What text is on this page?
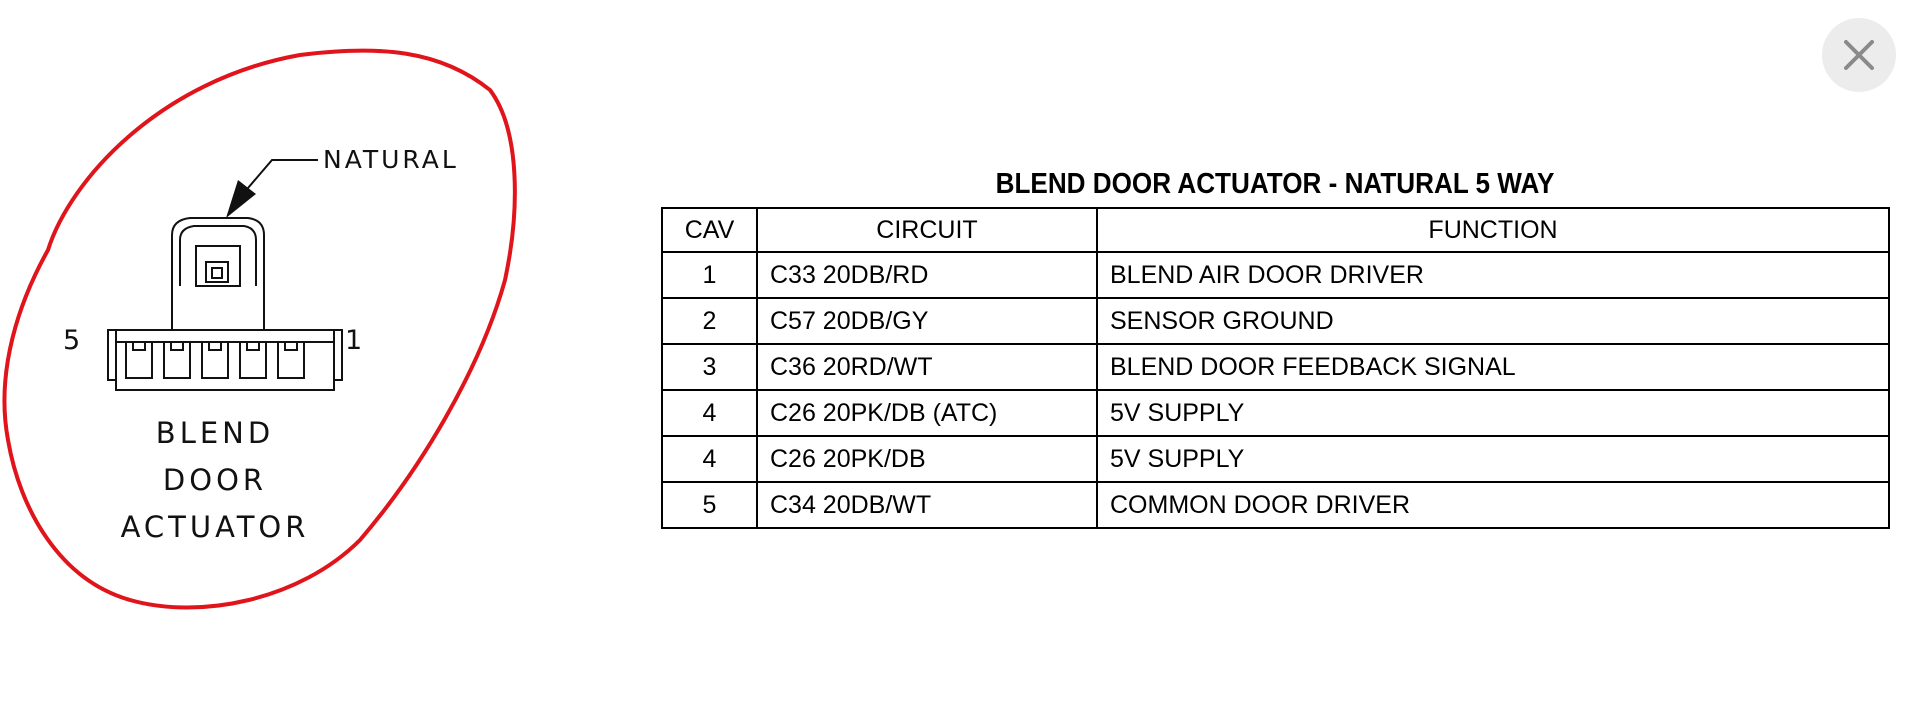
NATURAL
5	1
BLEND
DOOR
ACTUATOR
BLEND DOOR ACTUATOR - NATURAL 5 WAY
CAV	CIRCUIT	FUNCTION
1	C33 20DB/RD	BLEND AIR DOOR DRIVER
2	C57 20DB/GY	SENSOR GROUND
3	C36 20RD/WT	BLEND DOOR FEEDBACK SIGNAL
4	C26 20PK/DB (ATC)	5V SUPPLY
4	C26 20PK/DB	5V SUPPLY
5	C34 20DB/WT	COMMON DOOR DRIVER
